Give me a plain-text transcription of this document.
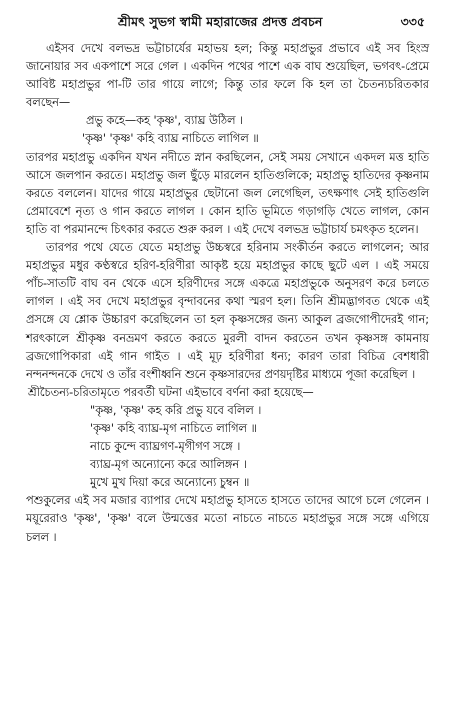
শ্রীমৎ সুভগ স্বামী মহারাজের প্রদত্ত প্রবচন	৩৩৫

এইসব দেখে বলভদ্র ভট্টাচার্যের মহাভয় হল; কিন্তু মহাপ্রভুর প্রভাবে এই সব হিংস্র জানোয়ার সব একপাশে সরে গেল । একদিন পথের পাশে এক বাঘ শুয়েছিল, ভগবৎ-প্রেমে আবিষ্ট মহাপ্রভুর পা-টি তার গায়ে লাগে; কিন্তু তার ফলে কি হল তা চৈতন্যচরিতকার বলছেন—

প্রভু কহে—কহ 'কৃষ্ণ', ব্যাঘ্র উঠিল ।

'কৃষ্ণ' 'কৃষ্ণ' কহি ব্যাঘ্র নাচিতে লাগিল ॥

তারপর মহাপ্রভু একদিন যখন নদীতে স্নান করছিলেন, সেই সময় সেখানে একদল মত্ত হাতি আসে জলপান করতে। মহাপ্রভু জল ছুঁড়ে মারলেন হাতিগুলিকে; মহাপ্রভু হাতিদের কৃষ্ণনাম করতে বললেন। যাদের গায়ে মহাপ্রভুর ছেটানো জল লেগেছিল, তৎক্ষণাৎ সেই হাতিগুলি প্রেমাবেশে নৃত্য ও গান করতে লাগল । কোন হাতি ভূমিতে গড়াগড়ি খেতে লাগল, কোন হাতি বা পরমানন্দে চিৎকার করতে শুরু করল । এই দেখে বলভদ্র ভট্টাচার্য চমৎকৃত হলেন।

তারপর পথে যেতে যেতে মহাপ্রভু উচ্চস্বরে হরিনাম সংকীর্তন করতে লাগলেন; আর মহাপ্রভুর মধুর কণ্ঠস্বরে হরিণ-হরিণীরা আকৃষ্ট হয়ে মহাপ্রভুর কাছে ছুটে এল । এই সময়ে পাঁচ-সাতটি বাঘ বন থেকে এসে হরিণীদের সঙ্গে একত্রে মহাপ্রভুকে অনুসরণ করে চলতে লাগল । এই সব দেখে মহাপ্রভুর বৃন্দাবনের কথা স্মরণ হল। তিনি শ্রীমদ্ভাগবত থেকে এই প্রসঙ্গে যে শ্লোক উচ্চারণ করেছিলেন তা হল কৃষ্ণসঙ্গের জন্য আকুল ব্রজগোপীদেরই গান; শরৎকালে শ্রীকৃষ্ণ বনভ্রমণ করতে করতে মুরলী বাদন করতেন তখন কৃষ্ণসঙ্গ কামনায় ব্রজগোপিকারা এই গান গাইত । এই মূঢ় হরিণীরা ধন্য; কারণ তারা বিচিত্র বেশধারী নন্দনন্দনকে দেখে ও তাঁর বংশীধ্বনি শুনে কৃষ্ণসারদের প্রণয়দৃষ্টির মাধ্যমে পূজা করেছিল ।

শ্রীচৈতন্য-চরিতামৃতে পরবর্তী ঘটনা এইভাবে বর্ণনা করা হয়েছে—

"কৃষ্ণ, 'কৃষ্ণ' কহ করি প্রভু যবে বলিল ।
'কৃষ্ণ' কহি ব্যাঘ্র-মৃগ নাচিতে লাগিল ॥
নাচে কুন্দে ব্যাঘ্রগণ-মৃগীগণ সঙ্গে ।
ব্যাঘ্র-মৃগ অন্যোন্যে করে আলিঙ্গন ।
মুখে মুখ দিয়া করে অন্যোন্যে চুম্বন ॥

পশুকুলের এই সব মজার ব্যাপার দেখে মহাপ্রভু হাসতে হাসতে তাদের আগে চলে গেলেন । ময়ূরেরাও 'কৃষ্ণ', 'কৃষ্ণ' বলে উন্মত্তের মতো নাচতে নাচতে মহাপ্রভুর সঙ্গে সঙ্গে এগিয়ে চলল ।
